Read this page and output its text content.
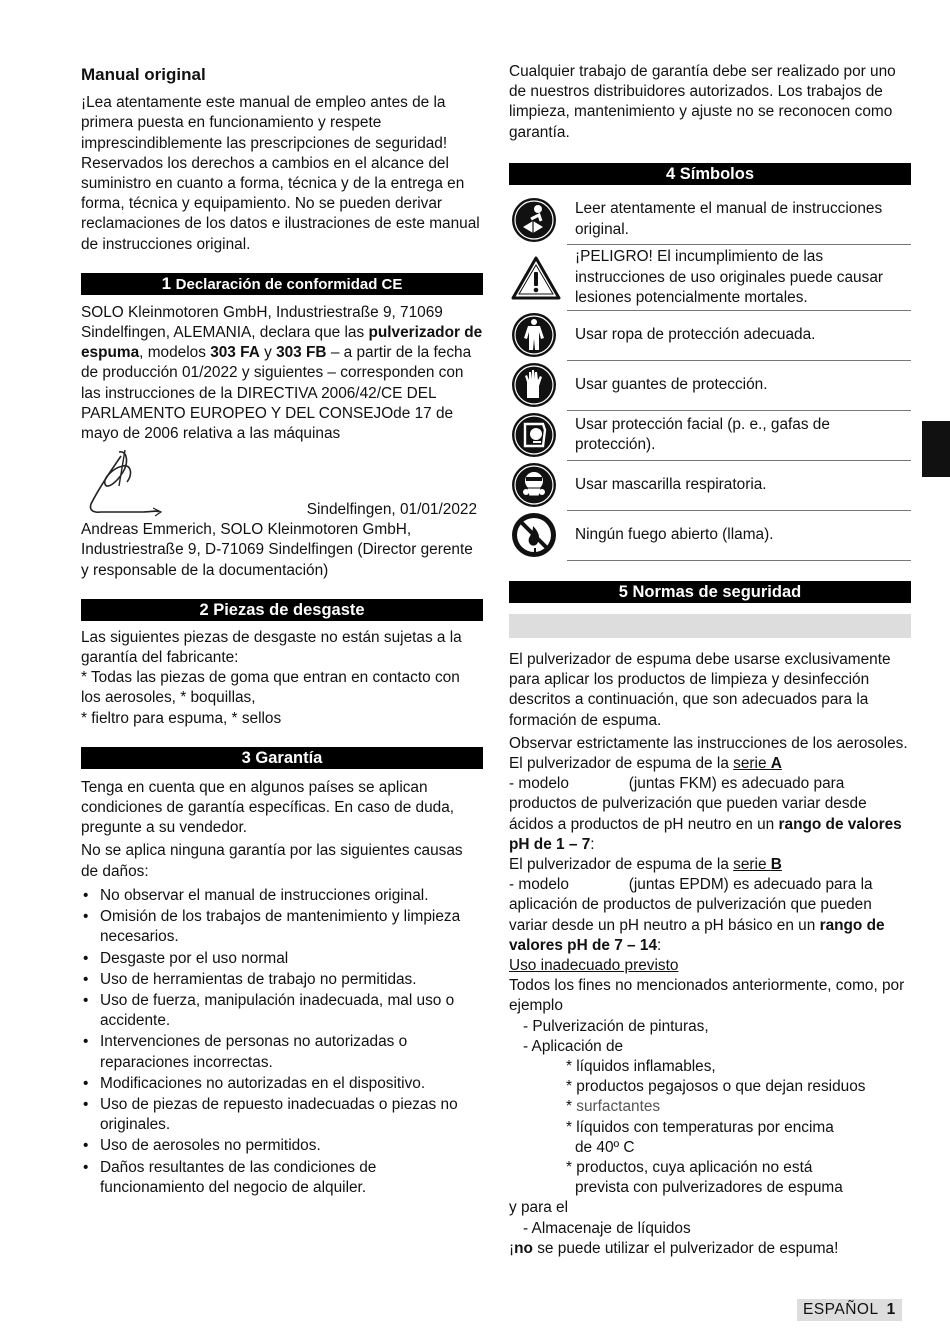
Manual original

¡Lea atentamente este manual de empleo antes de la primera puesta en funcionamiento y respete imprescindiblemente las prescripciones de seguridad!

Reservados los derechos a cambios en el alcance del suministro en cuanto a forma, técnica y de la entrega en forma, técnica y equipamiento. No se pueden derivar reclamaciones de los datos e ilustraciones de este manual de instrucciones original.

1 Declaración de conformidad CE

SOLO Kleinmotoren GmbH, Industriestraße 9, 71069 Sindelfingen, ALEMANIA, declara que las pulverizador de espuma, modelos 303 FA y 303 FB – a partir de la fecha de producción 01/2022 y siguientes – corresponden con las instrucciones de la DIRECTIVA 2006/42/CE DEL PARLAMENTO EUROPEO Y DEL CONSEJOde 17 de mayo de 2006 relativa a las máquinas

Sindelfingen, 01/01/2022

Andreas Emmerich, SOLO Kleinmotoren GmbH, Industriestraße 9, D-71069 Sindelfingen (Director gerente y responsable de la documentación)

2 Piezas de desgaste

Las siguientes piezas de desgaste no están sujetas a la garantía del fabricante:

* Todas las piezas de goma que entran en contacto con los aerosoles, * boquillas,

* fieltro para espuma, * sellos

3 Garantía

Tenga en cuenta que en algunos países se aplican condiciones de garantía específicas. En caso de duda, pregunte a su vendedor.

No se aplica ninguna garantía por las siguientes causas de daños:

• No observar el manual de instrucciones original.
• Omisión de los trabajos de mantenimiento y limpieza necesarios.
• Desgaste por el uso normal
• Uso de herramientas de trabajo no permitidas.
• Uso de fuerza, manipulación inadecuada, mal uso o accidente.
• Intervenciones de personas no autorizadas o reparaciones incorrectas.
• Modificaciones no autorizadas en el dispositivo.
• Uso de piezas de repuesto inadecuadas o piezas no originales.
• Uso de aerosoles no permitidos.
• Daños resultantes de las condiciones de funcionamiento del negocio de alquiler.

Cualquier trabajo de garantía debe ser realizado por uno de nuestros distribuidores autorizados. Los trabajos de limpieza, mantenimiento y ajuste no se reconocen como garantía.

4 Símbolos
	Leer atentamente el manual de instrucciones original.

	¡PELIGRO! El incumplimiento de las instrucciones de uso originales puede causar lesiones potencialmente mortales.

	Usar ropa de protección adecuada.

	Usar guantes de protección.

	Usar protección facial (p. e., gafas de protección).

	Usar mascarilla respiratoria.

	Ningún fuego abierto (llama).
5 Normas de seguridad

El pulverizador de espuma debe usarse exclusivamente para aplicar los productos de limpieza y desinfección descritos a continuación, que son adecuados para la formación de espuma.

Observar estrictamente las instrucciones de los aerosoles.

El pulverizador de espuma de la serie A

- modelo              (juntas FKM) es adecuado para productos de pulverización que pueden variar desde ácidos a productos de pH neutro en un rango de valores pH de 1 – 7:

El pulverizador de espuma de la serie B

- modelo              (juntas EPDM) es adecuado para la aplicación de productos de pulverización que pueden variar desde un pH neutro a pH básico en un rango de valores pH de 7 – 14:

Uso inadecuado previsto

Todos los fines no mencionados anteriormente, como, por ejemplo

- Pulverización de pinturas,

- Aplicación de

* líquidos inflamables,

* productos pegajosos o que dejan residuos

* surfactantes

* líquidos con temperaturas por encima

de 40º C

* productos, cuya aplicación no está

prevista con pulverizadores de espuma

y para el

- Almacenaje de líquidos

¡no se puede utilizar el pulverizador de espuma!

ESPAÑOL 1
